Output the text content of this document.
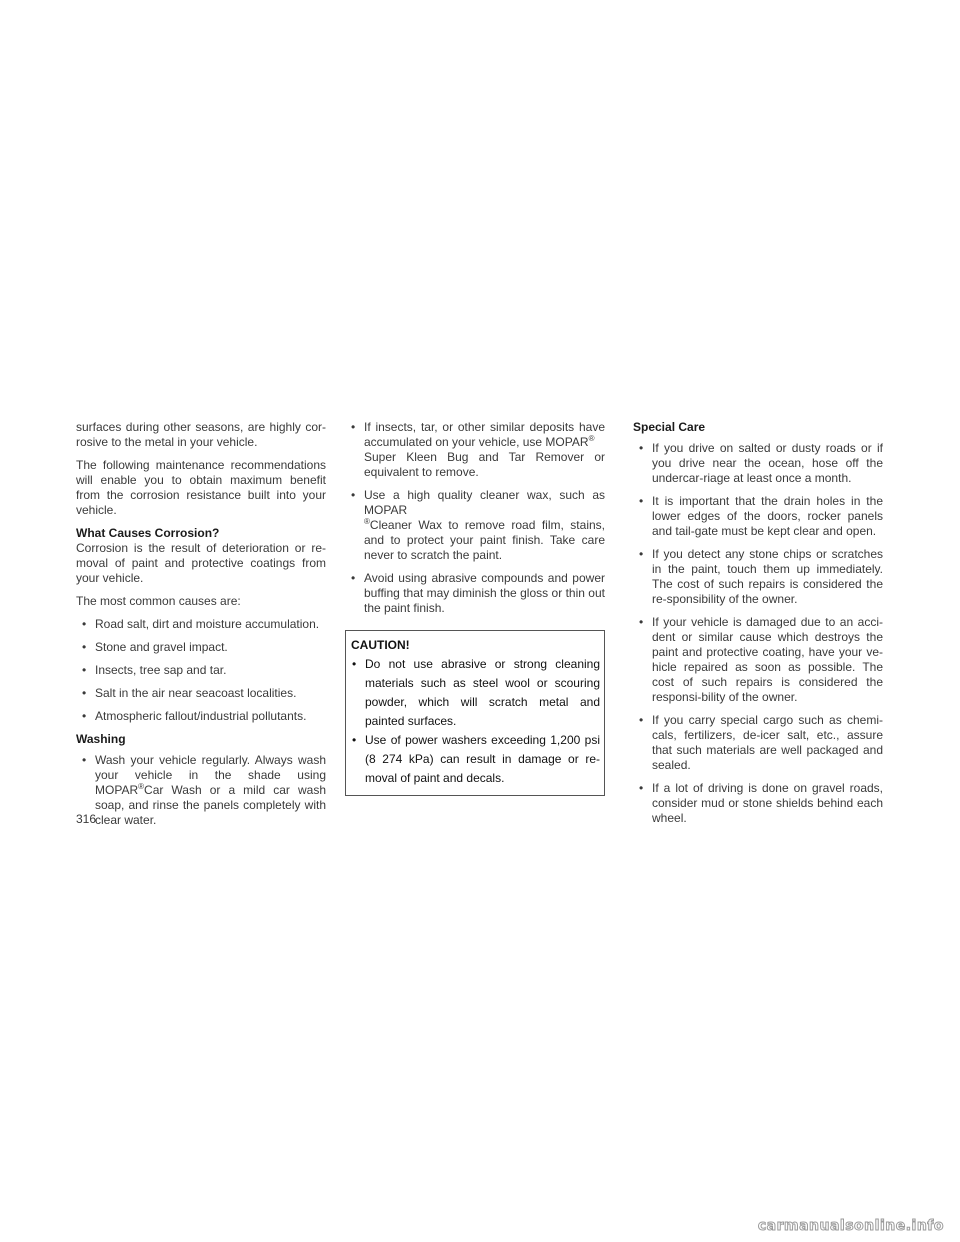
surfaces during other seasons, are highly cor-rosive to the metal in your vehicle.

The following maintenance recommendations will enable you to obtain maximum benefit from the corrosion resistance built into your vehicle.

What Causes Corrosion?

Corrosion is the result of deterioration or re-moval of paint and protective coatings from your vehicle.

The most common causes are:

• Road salt, dirt and moisture accumulation.
• Stone and gravel impact.
• Insects, tree sap and tar.
• Salt in the air near seacoast localities.
• Atmospheric fallout/industrial pollutants.
Washing
• Wash your vehicle regularly. Always wash your vehicle in the shade using MOPAR®Car Wash or a mild car wash soap, and rinse the panels completely with clear water.
• If insects, tar, or other similar deposits have accumulated on your vehicle, use MOPAR®
Super Kleen Bug and Tar Remover or equivalent to remove.
• Use a high quality cleaner wax, such as MOPAR
®Cleaner Wax to remove road film, stains, and to protect your paint finish. Take care never to scratch the paint.
• Avoid using abrasive compounds and power buffing that may diminish the gloss or thin out the paint finish.
CAUTION!
• Do not use abrasive or strong cleaning materials such as steel wool or scouring powder, which will scratch metal and painted surfaces.
• Use of power washers exceeding 1,200 psi (8 274 kPa) can result in damage or re-moval of paint and decals.
Special Care
• If you drive on salted or dusty roads or if you drive near the ocean, hose off the undercar-riage at least once a month.
• It is important that the drain holes in the lower edges of the doors, rocker panels and tail-gate must be kept clear and open.
• If you detect any stone chips or scratches in the paint, touch them up immediately. The cost of such repairs is considered the re-sponsibility of the owner.
• If your vehicle is damaged due to an acci-dent or similar cause which destroys the paint and protective coating, have your ve-hicle repaired as soon as possible. The cost of such repairs is considered the responsi-bility of the owner.
• If you carry special cargo such as chemi-cals, fertilizers, de-icer salt, etc., assure that such materials are well packaged and sealed.
• If a lot of driving is done on gravel roads, consider mud or stone shields behind each wheel.
316
carmanualsonline.info
